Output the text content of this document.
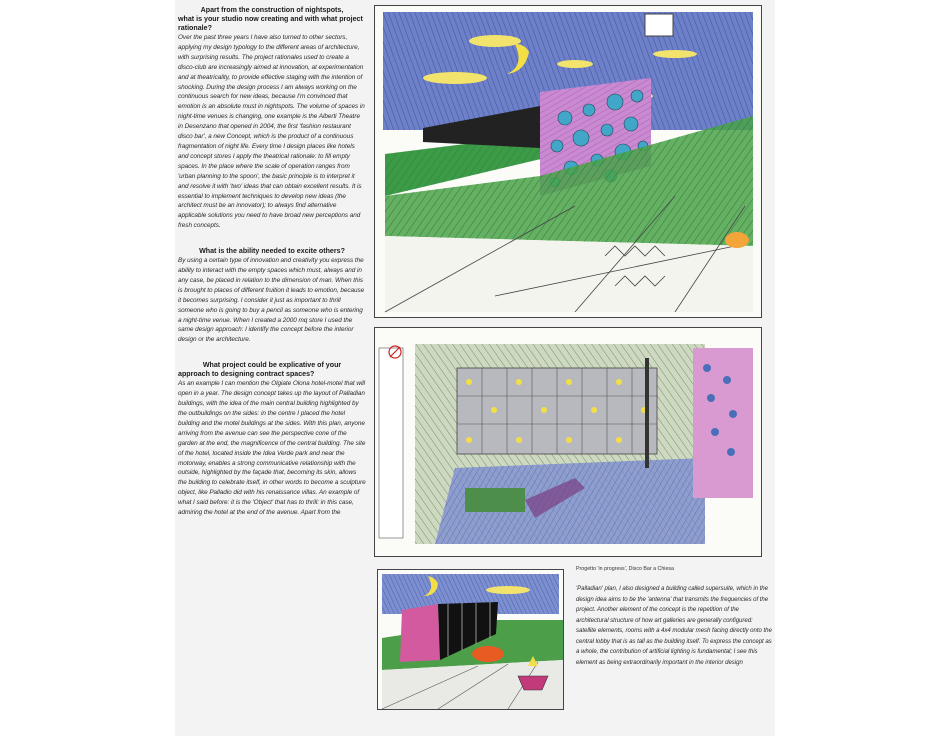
Apart from the construction of nightspots,
what is your studio now creating and with what project rationale?

Over the past three years I have also turned to other sectors, applying my design typology to the different areas of architecture, with surprising results. The project rationales used to create a disco-club are increasingly aimed at innovation, at experimentation and at theatricality, to provide effective staging with the intention of shocking. During the design process I am always working on the continuous search for new ideas, because I'm convinced that emotion is an absolute must in nightspots. The volume of spaces in night-time venues is changing, one example is the Alberti Theatre in Desenzano that opened in 2004, the first 'fashion restaurant disco bar', a new Concept, which is the product of a continuous fragmentation of night life. Every time I design places like hotels and concept stores I apply the theatrical rationale: to fill empty spaces. In the place where the scale of operation ranges from 'urban planning to the spoon', the basic principle is to interpret it and resolve it with 'two' ideas that can obtain excellent results. It is essential to implement techniques to develop new ideas (the architect must be an innovator); to always find alternative applicable solutions you need to have broad new perceptions and fresh concepts.

What is the ability needed to excite others?

By using a certain type of innovation and creativity you express the ability to interact with the empty spaces which must, always and in any case, be placed in relation to the dimension of man. When this is brought to places of different fruition it leads to emotion, because it becomes surprising. I consider it just as important to thrill someone who is going to buy a pencil as someone who is entering a night-time venue. When I created a 2000 mq store I used the same design approach: I identify the concept before the interior design or the architecture.

What project could be explicative of your
approach to designing contract spaces?

As an example I can mention the Olgiate Olona hotel-motel that will open in a year. The design concept takes up the layout of Palladian buildings, with the idea of the main central building highlighted by the outbuildings on the sides: in the centre I placed the hotel building and the motel buildings at the sides. With this plan, anyone arriving from the avenue can see the perspective cone of the garden at the end, the magnificence of the central building. The site of the hotel, located inside the Idea Verde park and near the motorway, enables a strong communicative relationship with the outside, highlighted by the façade that, becoming its skin, allows the building to celebrate itself, in other words to become a sculpture object, like Palladio did with his renaissance villas. An example of what I said before: it is the 'Object' that has to thrill: in this case, admiring the hotel at the end of the avenue. Apart from the

Progetto 'in progress', Disco Bar a Chiesa

'Palladian' plan, I also designed a building called supersuite, which in the design idea aims to be the 'antenna' that transmits the frequencies of the project. Another element of the concept is the repetition of the architectural structure of how art galleries are generally configured: satellite elements, rooms with a 4x4 modular mesh facing directly onto the central lobby that is as tall as the building itself. To express the concept as a whole, the contribution of artificial lighting is fundamental; I see this element as being extraordinarily important in the interior design
